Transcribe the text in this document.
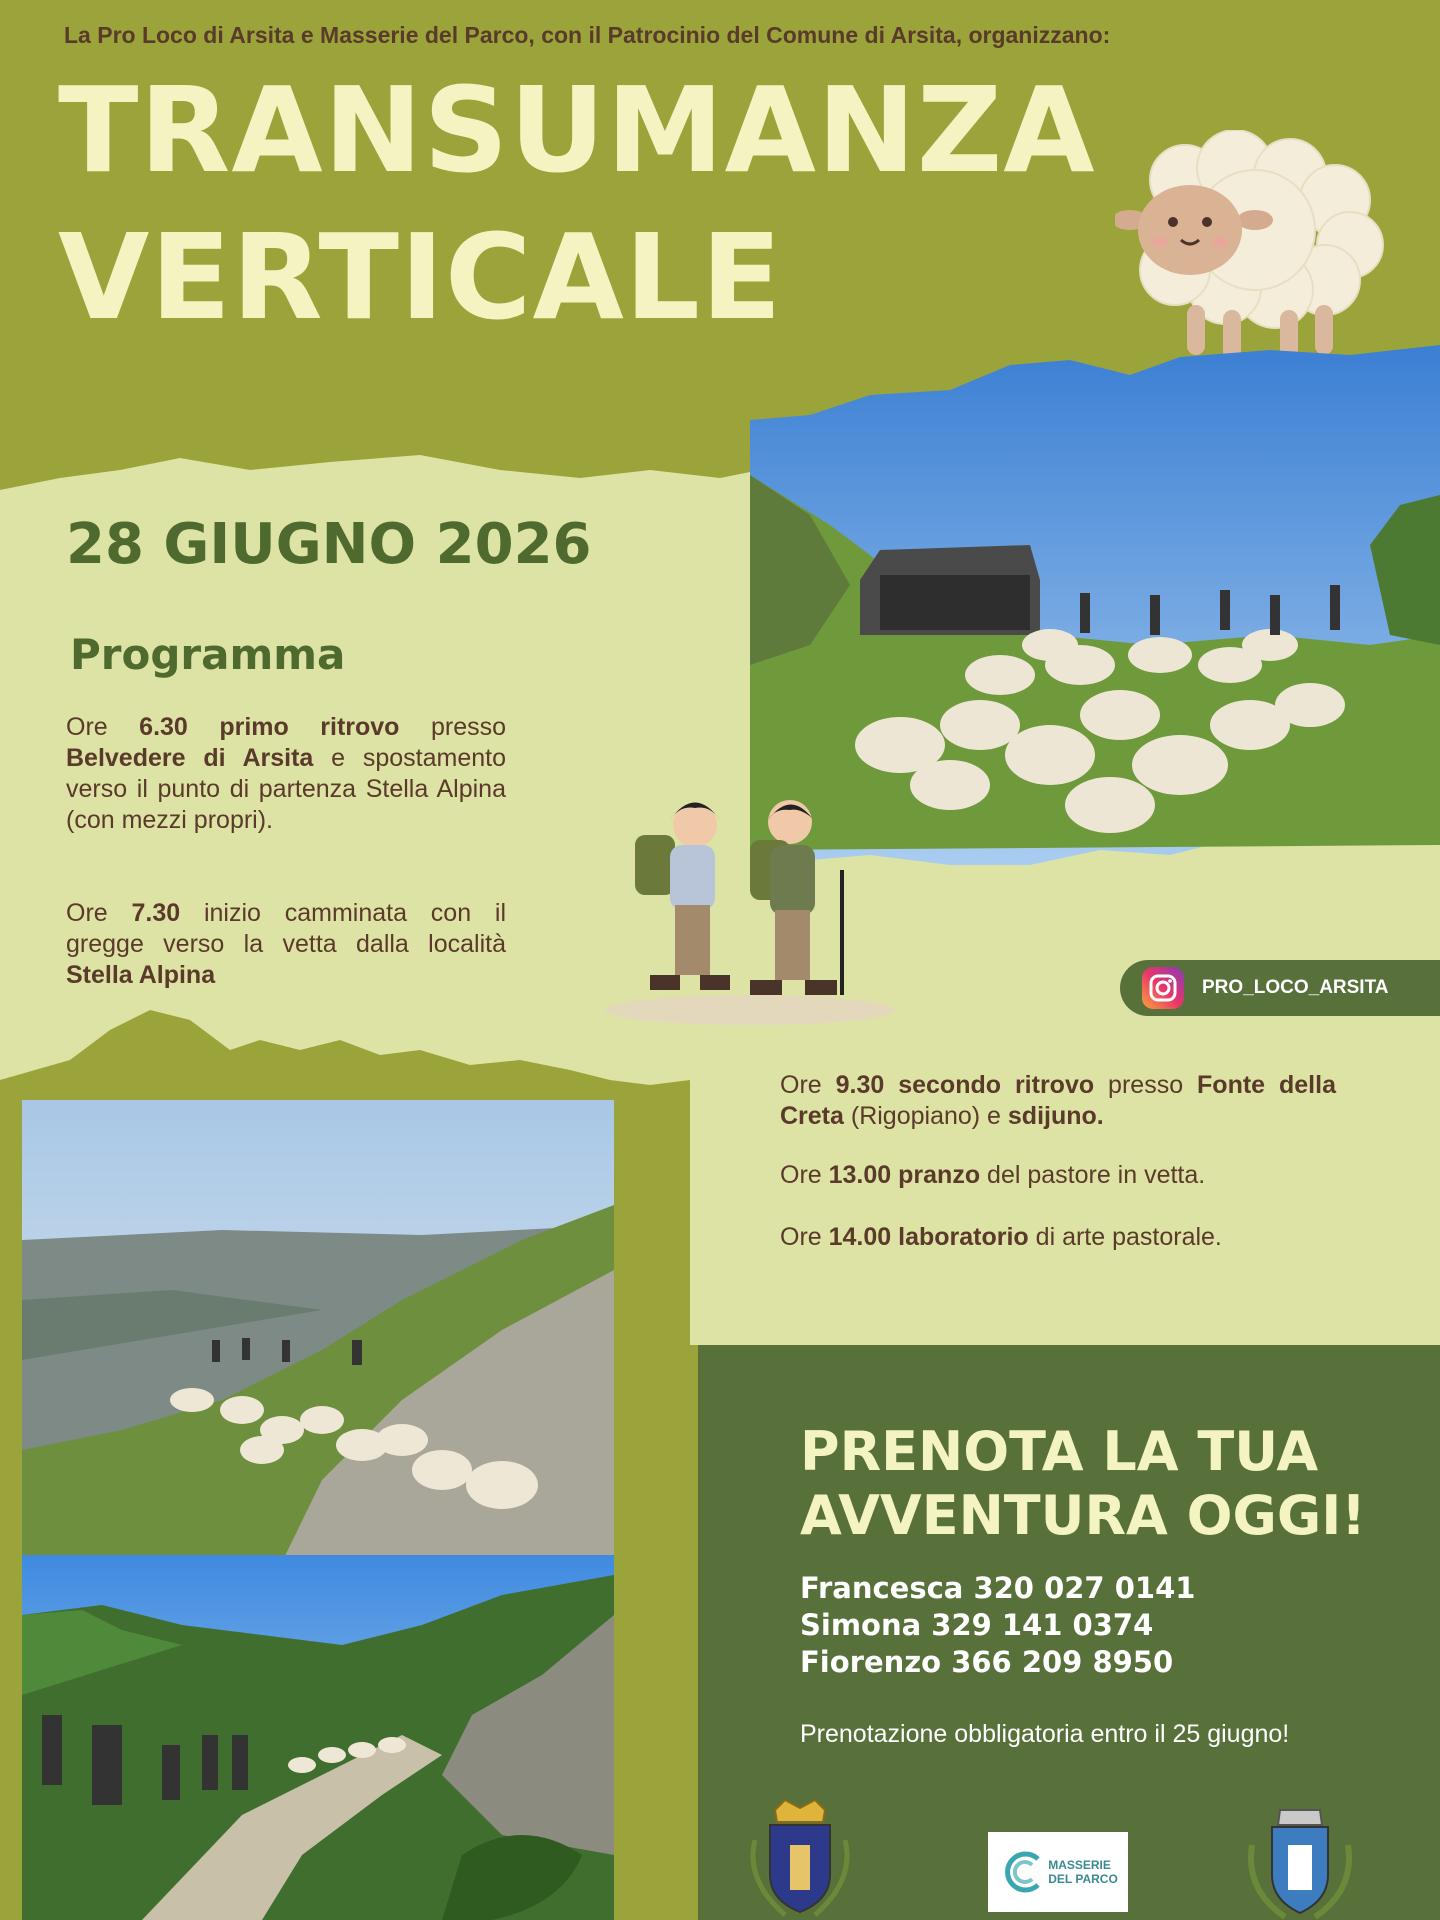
La Pro Loco di Arsita e Masserie del Parco, con il Patrocinio del Comune di Arsita, organizzano:
TRANSUMANZA
VERTICALE
28 GIUGNO 2026
Programma
Ore 6.30 primo ritrovo presso Belvedere di Arsita e spostamento verso il punto di partenza Stella Alpina (con mezzi propri).
Ore 7.30 inizio camminata con il gregge verso la vetta dalla località Stella Alpina	PRO_LOCO_ARSITA
Ore 9.30 secondo ritrovo presso Fonte della Creta (Rigopiano) e sdijuno.
Ore 13.00 pranzo del pastore in vetta.
Ore 14.00 laboratorio di arte pastorale.
PRENOTA LA TUA
AVVENTURA OGGI!
Francesca 320 027 0141
Simona 329 141 0374
Fiorenzo 366 209 8950
Prenotazione obbligatoria entro il 25 giugno!
MASSERIE
DEL PARCO
